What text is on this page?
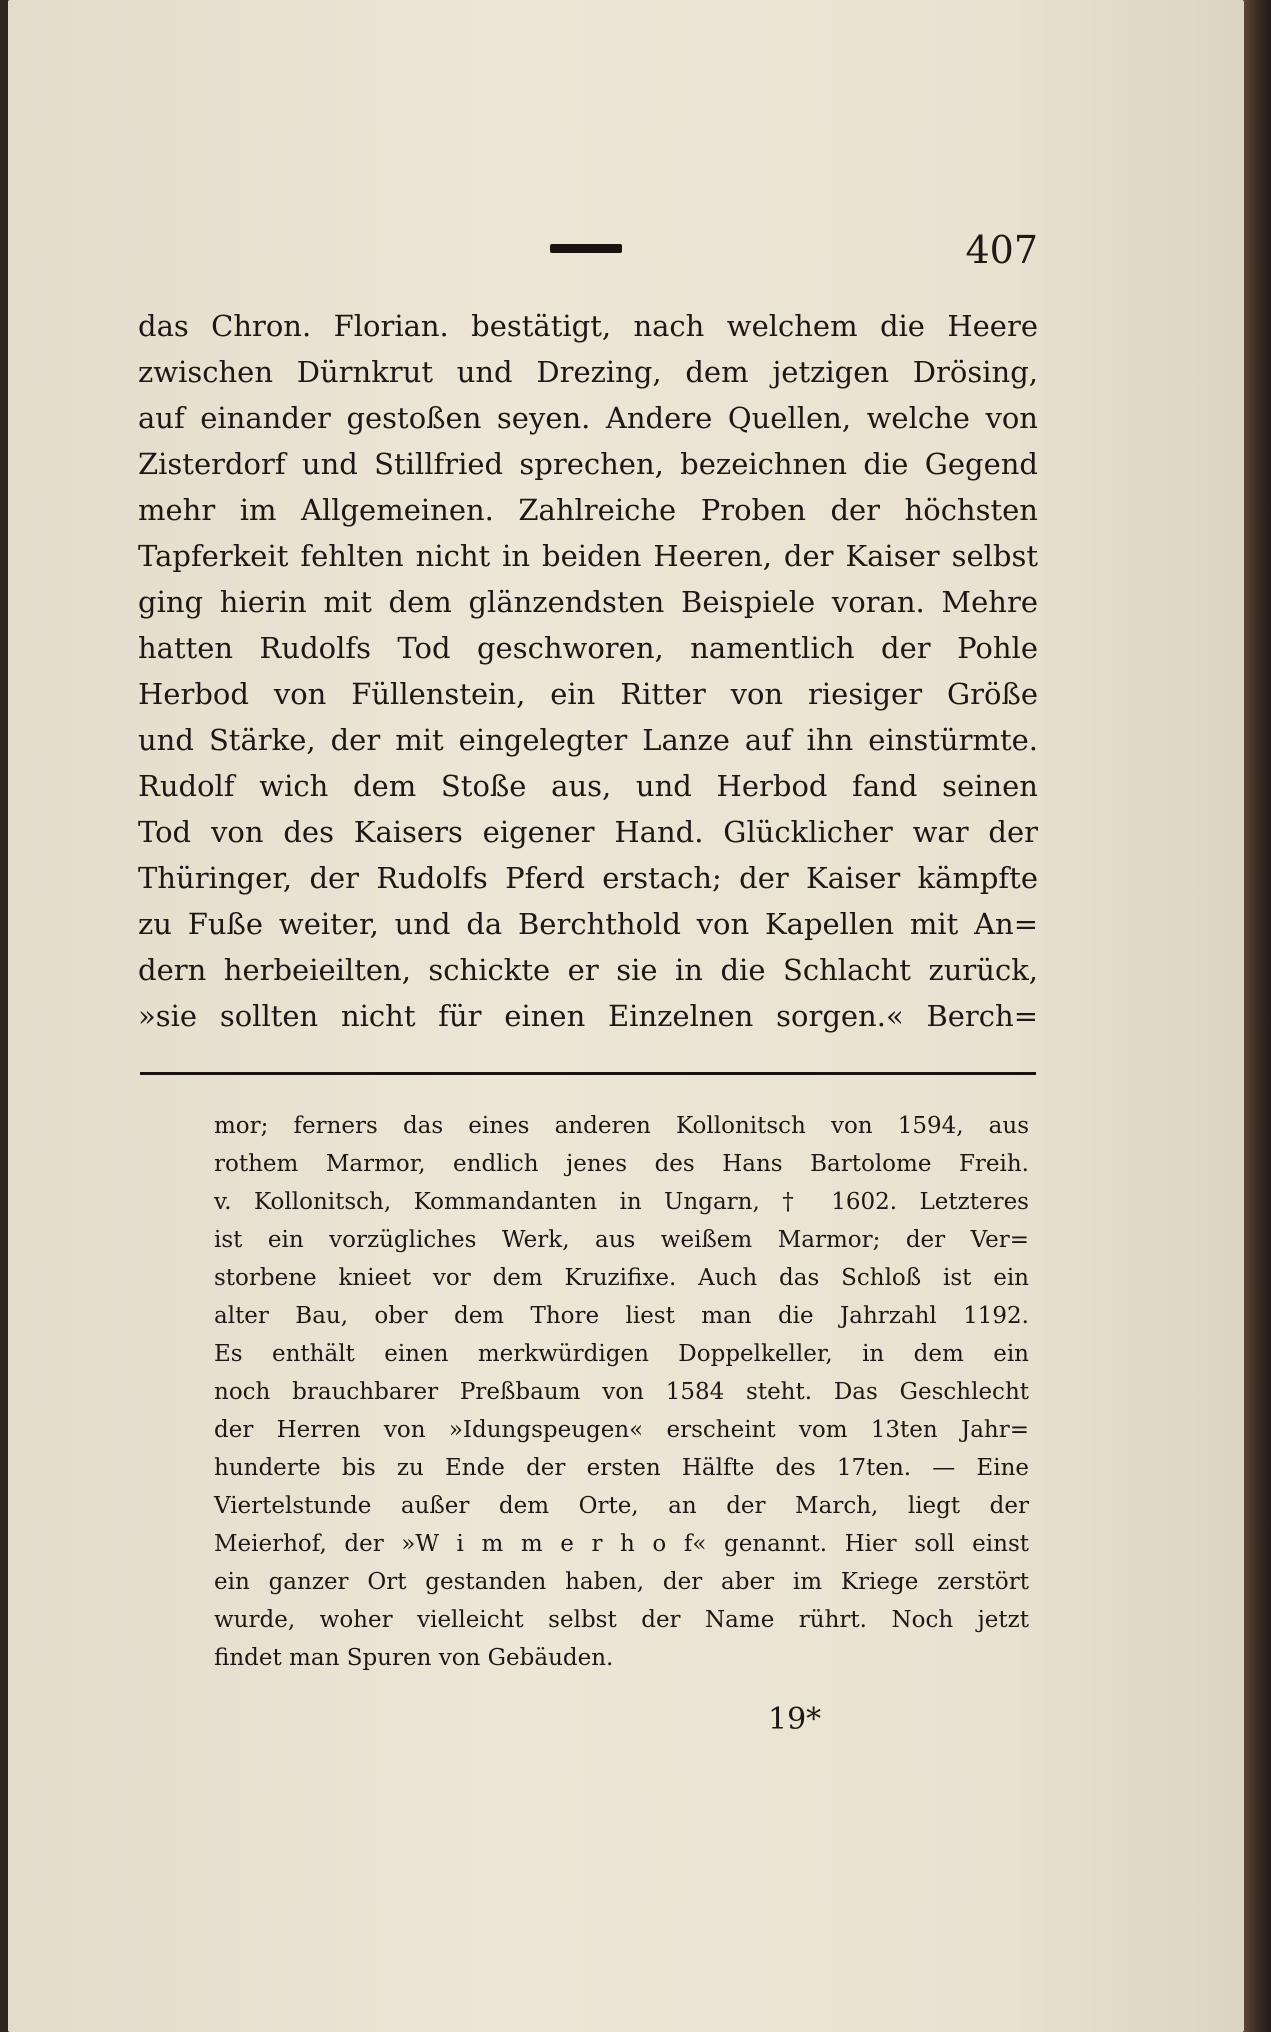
407
das Chron. Florian. bestätigt, nach welchem die Heere
zwischen Dürnkrut und Drezing, dem jetzigen Drösing,
auf einander gestoßen seyen. Andere Quellen, welche von
Zisterdorf und Stillfried sprechen, bezeichnen die Gegend
mehr im Allgemeinen. Zahlreiche Proben der höchsten
Tapferkeit fehlten nicht in beiden Heeren, der Kaiser selbst
ging hierin mit dem glänzendsten Beispiele voran. Mehre
hatten Rudolfs Tod geschworen, namentlich der Pohle
Herbod von Füllenstein, ein Ritter von riesiger Größe
und Stärke, der mit eingelegter Lanze auf ihn einstürmte.
Rudolf wich dem Stoße aus, und Herbod fand seinen
Tod von des Kaisers eigener Hand. Glücklicher war der
Thüringer, der Rudolfs Pferd erstach; der Kaiser kämpfte
zu Fuße weiter, und da Berchthold von Kapellen mit An=
dern herbeieilten, schickte er sie in die Schlacht zurück,
»sie sollten nicht für einen Einzelnen sorgen.« Berch=
mor; ferners das eines anderen Kollonitsch von 1594, aus
rothem Marmor, endlich jenes des Hans Bartolome Freih.
v. Kollonitsch, Kommandanten in Ungarn, † 1602. Letzteres
ist ein vorzügliches Werk, aus weißem Marmor; der Ver=
storbene knieet vor dem Kruzifixe. Auch das Schloß ist ein
alter Bau, ober dem Thore liest man die Jahrzahl 1192.
Es enthält einen merkwürdigen Doppelkeller, in dem ein
noch brauchbarer Preßbaum von 1584 steht. Das Geschlecht
der Herren von »Idungspeugen« erscheint vom 13ten Jahr=
hunderte bis zu Ende der ersten Hälfte des 17ten. — Eine
Viertelstunde außer dem Orte, an der March, liegt der
Meierhof, der »W i m m e r h o f« genannt. Hier soll einst
ein ganzer Ort gestanden haben, der aber im Kriege zerstört
wurde, woher vielleicht selbst der Name rührt. Noch jetzt
findet man Spuren von Gebäuden.
19*
